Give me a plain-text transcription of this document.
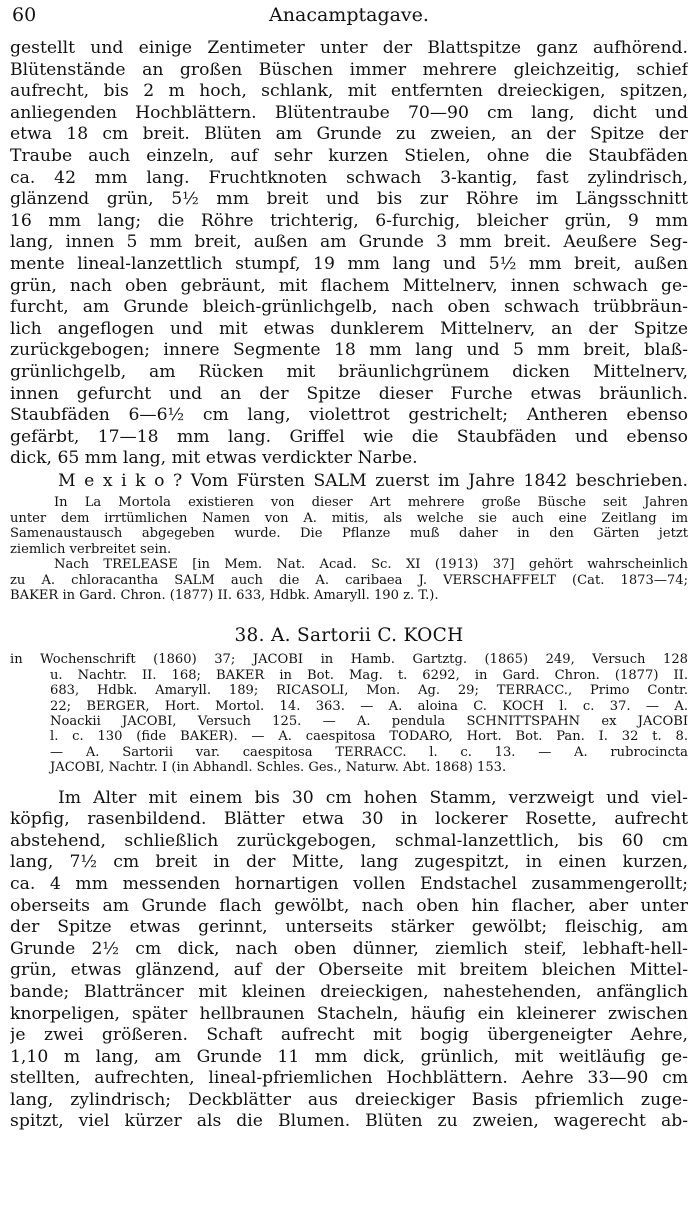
60	Anacamptagave.
gestellt und einige Zentimeter unter der Blattspitze ganz aufhörend.
Blütenstände an großen Büschen immer mehrere gleichzeitig, schief
aufrecht, bis 2 m hoch, schlank, mit entfernten dreieckigen, spitzen,
anliegenden Hochblättern. Blütentraube 70—90 cm lang, dicht und
etwa 18 cm breit. Blüten am Grunde zu zweien, an der Spitze der
Traube auch einzeln, auf sehr kurzen Stielen, ohne die Staubfäden
ca. 42 mm lang. Fruchtknoten schwach 3-kantig, fast zylindrisch,
glänzend grün, 5½ mm breit und bis zur Röhre im Längsschnitt
16 mm lang; die Röhre trichterig, 6-furchig, bleicher grün, 9 mm
lang, innen 5 mm breit, außen am Grunde 3 mm breit. Aeußere Seg-
mente lineal-lanzettlich stumpf, 19 mm lang und 5½ mm breit, außen
grün, nach oben gebräunt, mit flachem Mittelnerv, innen schwach ge-
furcht, am Grunde bleich-grünlichgelb, nach oben schwach trübbräun-
lich angeflogen und mit etwas dunklerem Mittelnerv, an der Spitze
zurückgebogen; innere Segmente 18 mm lang und 5 mm breit, blaß-
grünlichgelb, am Rücken mit bräunlichgrünem dicken Mittelnerv,
innen gefurcht und an der Spitze dieser Furche etwas bräunlich.
Staubfäden 6—6½ cm lang, violettrot gestrichelt; Antheren ebenso
gefärbt, 17—18 mm lang. Griffel wie die Staubfäden und ebenso
dick, 65 mm lang, mit etwas verdickter Narbe.
M e x i k o ? Vom Fürsten SALM zuerst im Jahre 1842 beschrieben.
In La Mortola existieren von dieser Art mehrere große Büsche seit Jahren
unter dem irrtümlichen Namen von A. mitis, als welche sie auch eine Zeitlang im
Samenaustausch abgegeben wurde. Die Pflanze muß daher in den Gärten jetzt
ziemlich verbreitet sein.
Nach TRELEASE [in Mem. Nat. Acad. Sc. XI (1913) 37] gehört wahrscheinlich
zu A. chloracantha SALM auch die A. caribaea J. VERSCHAFFELT (Cat. 1873—74;
BAKER in Gard. Chron. (1877) II. 633, Hdbk. Amaryll. 190 z. T.).
38. A. Sartorii C. KOCH
in Wochenschrift (1860) 37; JACOBI in Hamb. Gartztg. (1865) 249, Versuch 128
u. Nachtr. II. 168; BAKER in Bot. Mag. t. 6292, in Gard. Chron. (1877) II.
683, Hdbk. Amaryll. 189; RICASOLI, Mon. Ag. 29; TERRACC., Primo Contr.
22; BERGER, Hort. Mortol. 14. 363. — A. aloina C. KOCH l. c. 37. — A.
Noackii JACOBI, Versuch 125. — A. pendula SCHNITTSPAHN ex JACOBI
l. c. 130 (fide BAKER). — A. caespitosa TODARO, Hort. Bot. Pan. I. 32 t. 8.
— A. Sartorii var. caespitosa TERRACC. l. c. 13. — A. rubrocincta
JACOBI, Nachtr. I (in Abhandl. Schles. Ges., Naturw. Abt. 1868) 153.
Im Alter mit einem bis 30 cm hohen Stamm, verzweigt und viel-
köpfig, rasenbildend. Blätter etwa 30 in lockerer Rosette, aufrecht
abstehend, schließlich zurückgebogen, schmal-lanzettlich, bis 60 cm
lang, 7½ cm breit in der Mitte, lang zugespitzt, in einen kurzen,
ca. 4 mm messenden hornartigen vollen Endstachel zusammengerollt;
oberseits am Grunde flach gewölbt, nach oben hin flacher, aber unter
der Spitze etwas gerinnt, unterseits stärker gewölbt; fleischig, am
Grunde 2½ cm dick, nach oben dünner, ziemlich steif, lebhaft-hell-
grün, etwas glänzend, auf der Oberseite mit breitem bleichen Mittel-
bande; Blatträncer mit kleinen dreieckigen, nahestehenden, anfänglich
knorpeligen, später hellbraunen Stacheln, häufig ein kleinerer zwischen
je zwei größeren. Schaft aufrecht mit bogig übergeneigter Aehre,
1,10 m lang, am Grunde 11 mm dick, grünlich, mit weitläufig ge-
stellten, aufrechten, lineal-pfriemlichen Hochblättern. Aehre 33—90 cm
lang, zylindrisch; Deckblätter aus dreieckiger Basis pfriemlich zuge-
spitzt, viel kürzer als die Blumen. Blüten zu zweien, wagerecht ab-
